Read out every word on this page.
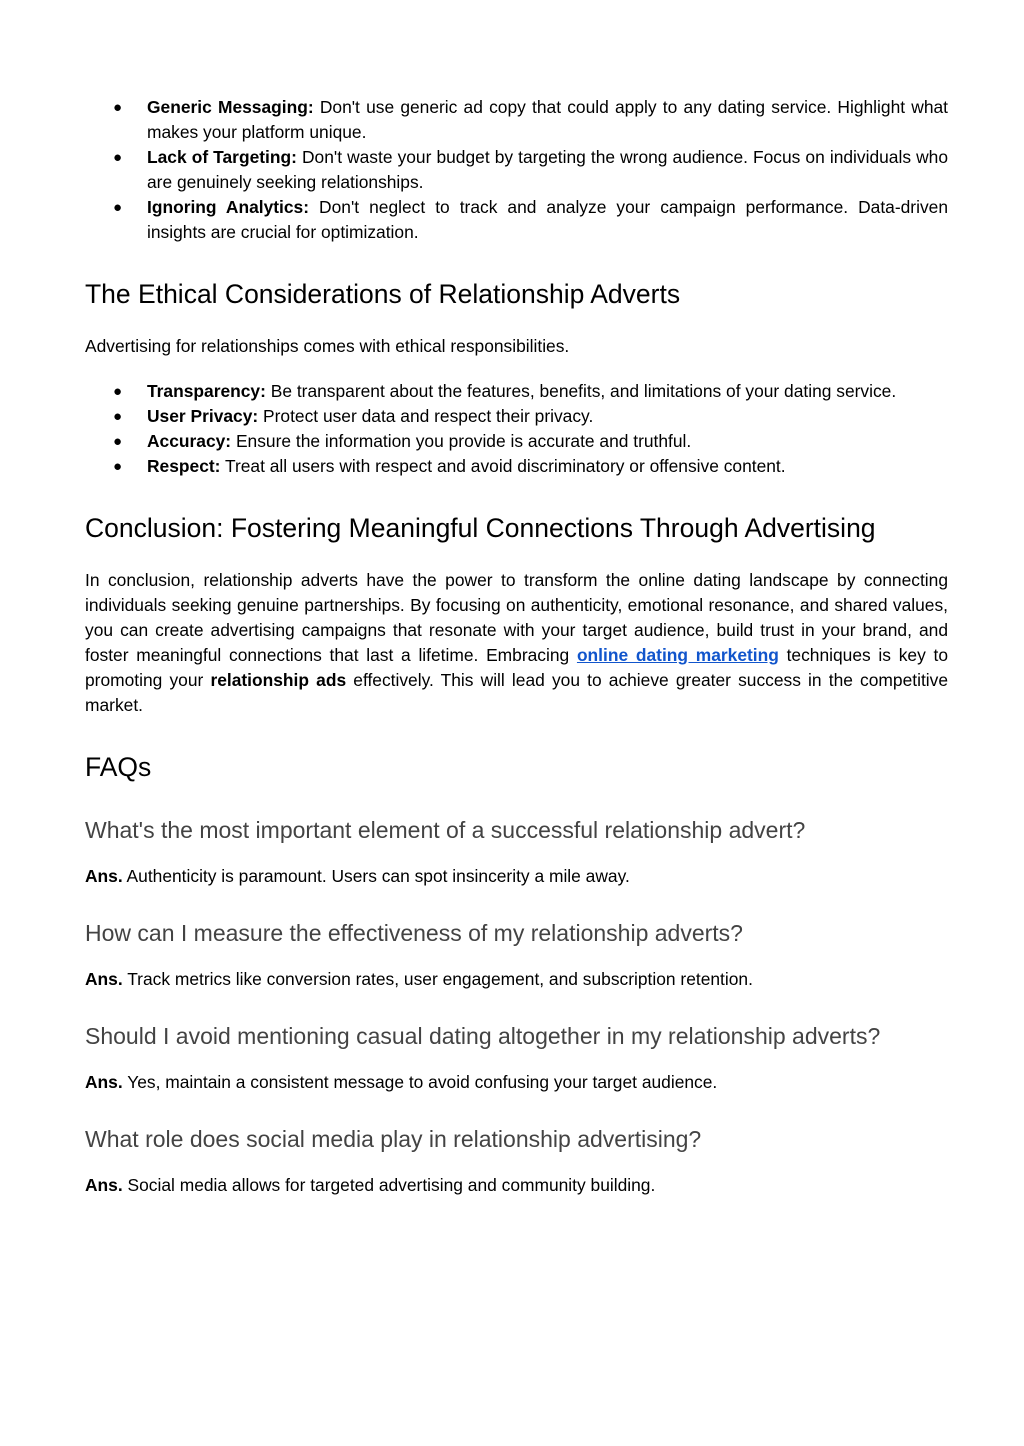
● Generic Messaging: Don't use generic ad copy that could apply to any dating service. Highlight what makes your platform unique.
● Lack of Targeting: Don't waste your budget by targeting the wrong audience. Focus on individuals who are genuinely seeking relationships.
● Ignoring Analytics: Don't neglect to track and analyze your campaign performance. Data-driven insights are crucial for optimization.
The Ethical Considerations of Relationship Adverts

Advertising for relationships comes with ethical responsibilities.

● Transparency: Be transparent about the features, benefits, and limitations of your dating service.
● User Privacy: Protect user data and respect their privacy.
● Accuracy: Ensure the information you provide is accurate and truthful.
● Respect: Treat all users with respect and avoid discriminatory or offensive content.
Conclusion: Fostering Meaningful Connections Through Advertising

In conclusion, relationship adverts have the power to transform the online dating landscape by connecting individuals seeking genuine partnerships. By focusing on authenticity, emotional resonance, and shared values, you can create advertising campaigns that resonate with your target audience, build trust in your brand, and foster meaningful connections that last a lifetime. Embracing online dating marketing techniques is key to promoting your relationship ads effectively. This will lead you to achieve greater success in the competitive market.

FAQs
What's the most important element of a successful relationship advert?

Ans. Authenticity is paramount. Users can spot insincerity a mile away.

How can I measure the effectiveness of my relationship adverts?

Ans. Track metrics like conversion rates, user engagement, and subscription retention.

Should I avoid mentioning casual dating altogether in my relationship adverts?

Ans. Yes, maintain a consistent message to avoid confusing your target audience.

What role does social media play in relationship advertising?

Ans. Social media allows for targeted advertising and community building.
